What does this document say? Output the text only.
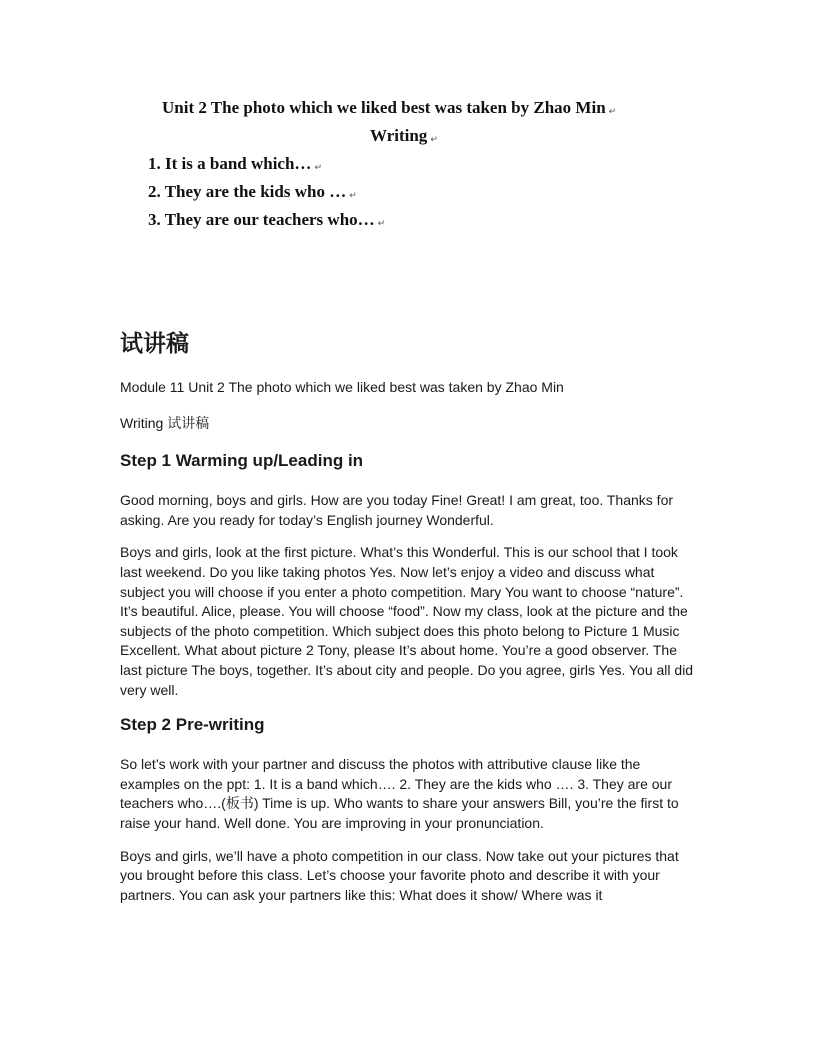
Unit 2 The photo which we liked best was taken by Zhao Min ↵
Writing ↵
1. It is a band which… ↵
2. They are the kids who … ↵
3. They are our teachers who… ↵
试讲稿

Module 11 Unit 2 The photo which we liked best was taken by Zhao Min

Writing 试讲稿

Step 1 Warming up/Leading in

Good morning, boys and girls. How are you today Fine! Great! I am great, too. Thanks for asking. Are you ready for today’s English journey Wonderful.

Boys and girls, look at the first picture. What’s this Wonderful. This is our school that I took last weekend. Do you like taking photos Yes. Now let’s enjoy a video and discuss what subject you will choose if you enter a photo competition. Mary You want to choose “nature”. It’s beautiful. Alice, please. You will choose “food”. Now my class, look at the picture and the subjects of the photo competition. Which subject does this photo belong to Picture 1 Music Excellent. What about picture 2 Tony, please It’s about home. You’re a good observer. The last picture The boys, together. It’s about city and people. Do you agree, girls Yes. You all did very well.

Step 2 Pre-writing

So let’s work with your partner and discuss the photos with attributive clause like the examples on the ppt: 1. It is a band which…. 2. They are the kids who …. 3. They are our teachers who….(板书) Time is up. Who wants to share your answers Bill, you’re the first to raise your hand. Well done. You are improving in your pronunciation.

Boys and girls, we’ll have a photo competition in our class. Now take out your pictures that you brought before this class. Let’s choose your favorite photo and describe it with your partners. You can ask your partners like this: What does it show/ Where was it
